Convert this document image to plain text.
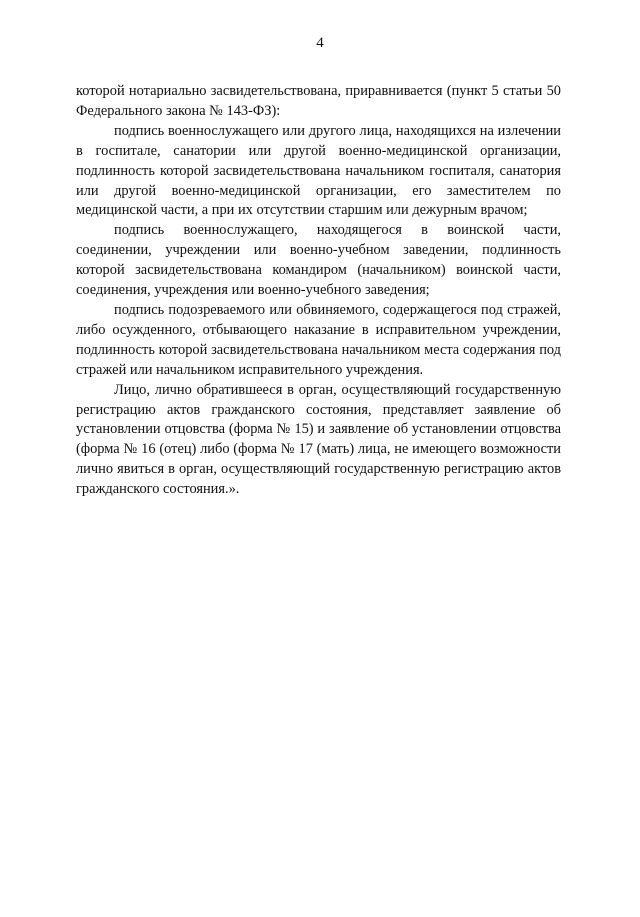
4

которой нотариально засвидетельствована, приравнивается (пункт 5 статьи 50 Федерального закона № 143-ФЗ):

подпись военнослужащего или другого лица, находящихся на излечении в госпитале, санатории или другой военно-медицинской организации, подлинность которой засвидетельствована начальником госпиталя, санатория или другой военно-медицинской организации, его заместителем по медицинской части, а при их отсутствии старшим или дежурным врачом;

подпись военнослужащего, находящегося в воинской части, соединении, учреждении или военно-учебном заведении, подлинность которой засвидетельствована командиром (начальником) воинской части, соединения, учреждения или военно-учебного заведения;

подпись подозреваемого или обвиняемого, содержащегося под стражей, либо осужденного, отбывающего наказание в исправительном учреждении, подлинность которой засвидетельствована начальником места содержания под стражей или начальником исправительного учреждения.

Лицо, лично обратившееся в орган, осуществляющий государственную регистрацию актов гражданского состояния, представляет заявление об установлении отцовства (форма № 15) и заявление об установлении отцовства (форма № 16 (отец) либо (форма № 17 (мать) лица, не имеющего возможности лично явиться в орган, осуществляющий государственную регистрацию актов гражданского состояния.».
